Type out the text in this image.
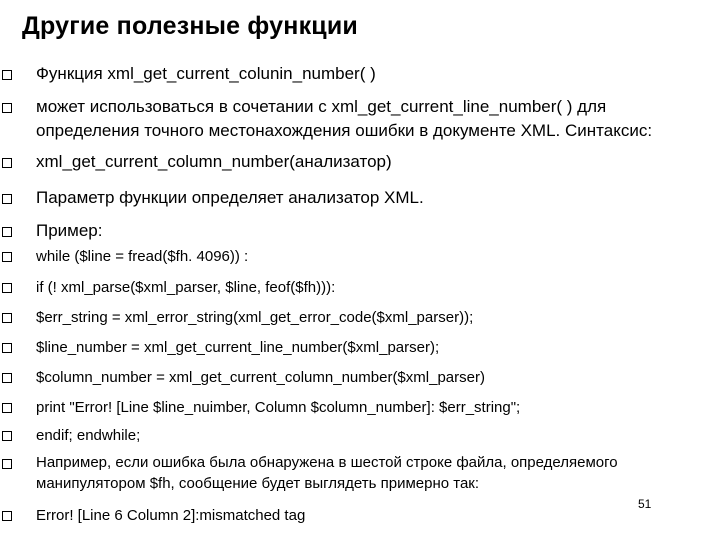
Другие полезные функции
Функция xml_get_current_colunin_number( )
может использоваться в сочетании с xml_get_current_line_number( ) для определения точного местонахождения ошибки в документе XML. Синтаксис:
xml_get_current_column_number(анализатор)
Параметр функции определяет анализатор XML.
Пример:
while ($line = fread($fh. 4096)) :
if (! xml_parse($xml_parser, $line, feof($fh))):
$err_string = xml_error_string(xml_get_error_code($xml_parser));
$line_number = xml_get_current_line_number($xml_parser);
$column_number = xml_get_current_column_number($xml_parser)
print "Error! [Line $line_nuimber, Column $column_number]: $err_string";
endif; endwhile;
Например, если ошибка была обнаружена в шестой строке файла, определяемого манипулятором $fh, сообщение будет выглядеть примерно так:
Error! [Line 6 Column 2]:mismatched tag
51
